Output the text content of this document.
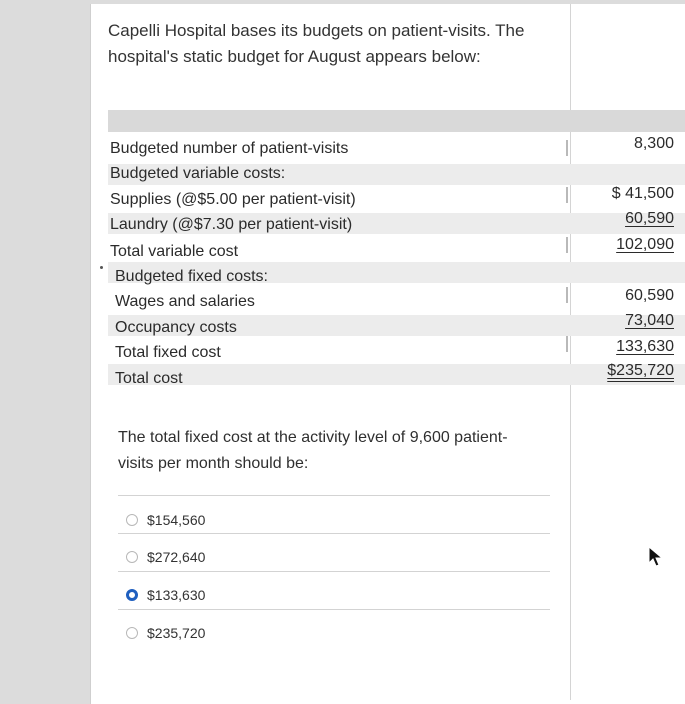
Capelli Hospital bases its budgets on patient-visits. The hospital's static budget for August appears below:
Budgeted number of patient-visits
Budgeted variable costs:
Supplies (@$5.00 per patient-visit)
Laundry (@$7.30 per patient-visit)
Total variable cost
Budgeted fixed costs:
Wages and salaries
Occupancy costs
Total fixed cost
Total cost
8,300
$ 41,500
60,590
102,090
60,590
73,040
133,630
$235,720
The total fixed cost at the activity level of 9,600 patient-visits per month should be:
$154,560
$272,640
$133,630
$235,720
